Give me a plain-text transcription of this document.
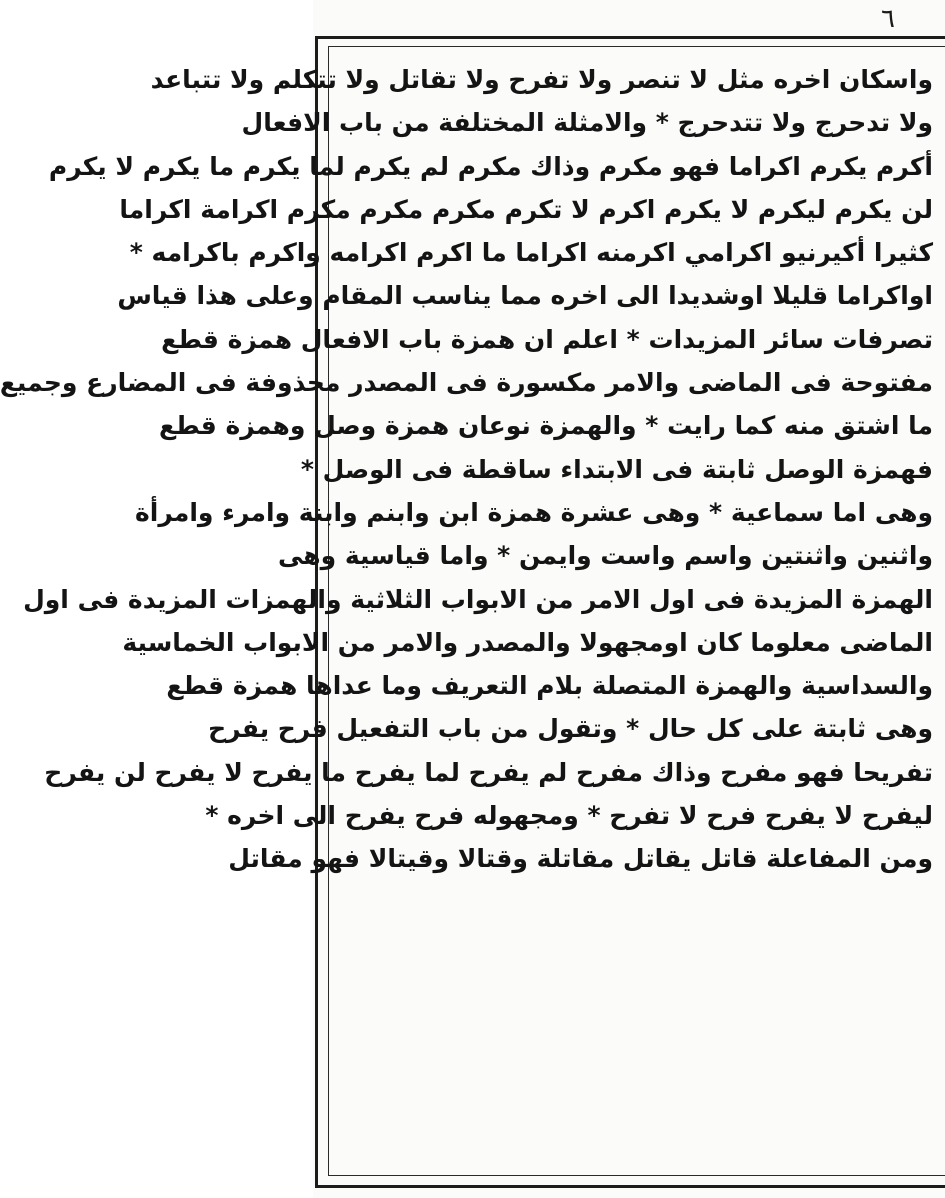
٦
واسكان اخره مثل لا تنصر ولا تفرح ولا تقاتل ولا تتكلم ولا تتباعد
ولا تدحرج ولا تتدحرج * والامثلة المختلفة من باب الافعال
أكرم يكرم اكراما فهو مكرم وذاك مكرم لم يكرم لما يكرم ما يكرم لا يكرم
لن يكرم ليكرم لا يكرم اكرم لا تكرم مكرم مكرم مكرم اكرامة اكراما
كثيرا أكيرنيو اكرامي اكرمنه اكراما ما اكرم اكرامه واكرم باكرامه *
اواكراما قليلا اوشديدا الى اخره مما يناسب المقام وعلى هذا قياس
تصرفات سائر المزيدات * اعلم ان همزة باب الافعال همزة قطع
مفتوحة فى الماضى والامر مكسورة فى المصدر محذوفة فى المضارع وجميع
ما اشتق منه كما رايت * والهمزة نوعان همزة وصل وهمزة قطع
فهمزة الوصل ثابتة فى الابتداء ساقطة فى الوصل *
وهى اما سماعية * وهى عشرة همزة ابن وابنم وابنة وامرء وامرأة
واثنين واثنتين واسم واست وايمن * واما قياسية وهى
الهمزة المزيدة فى اول الامر من الابواب الثلاثية والهمزات المزيدة فى اول
الماضى معلوما كان اومجهولا والمصدر والامر من الابواب الخماسية
والسداسية والهمزة المتصلة بلام التعريف وما عداها همزة قطع
وهى ثابتة على كل حال * وتقول من باب التفعيل فرح يفرح
تفريحا فهو مفرح وذاك مفرح لم يفرح لما يفرح ما يفرح لا يفرح لن يفرح
ليفرح لا يفرح فرح لا تفرح * ومجهوله فرح يفرح الى اخره *
ومن المفاعلة قاتل يقاتل مقاتلة وقتالا وقيتالا فهو مقاتل
